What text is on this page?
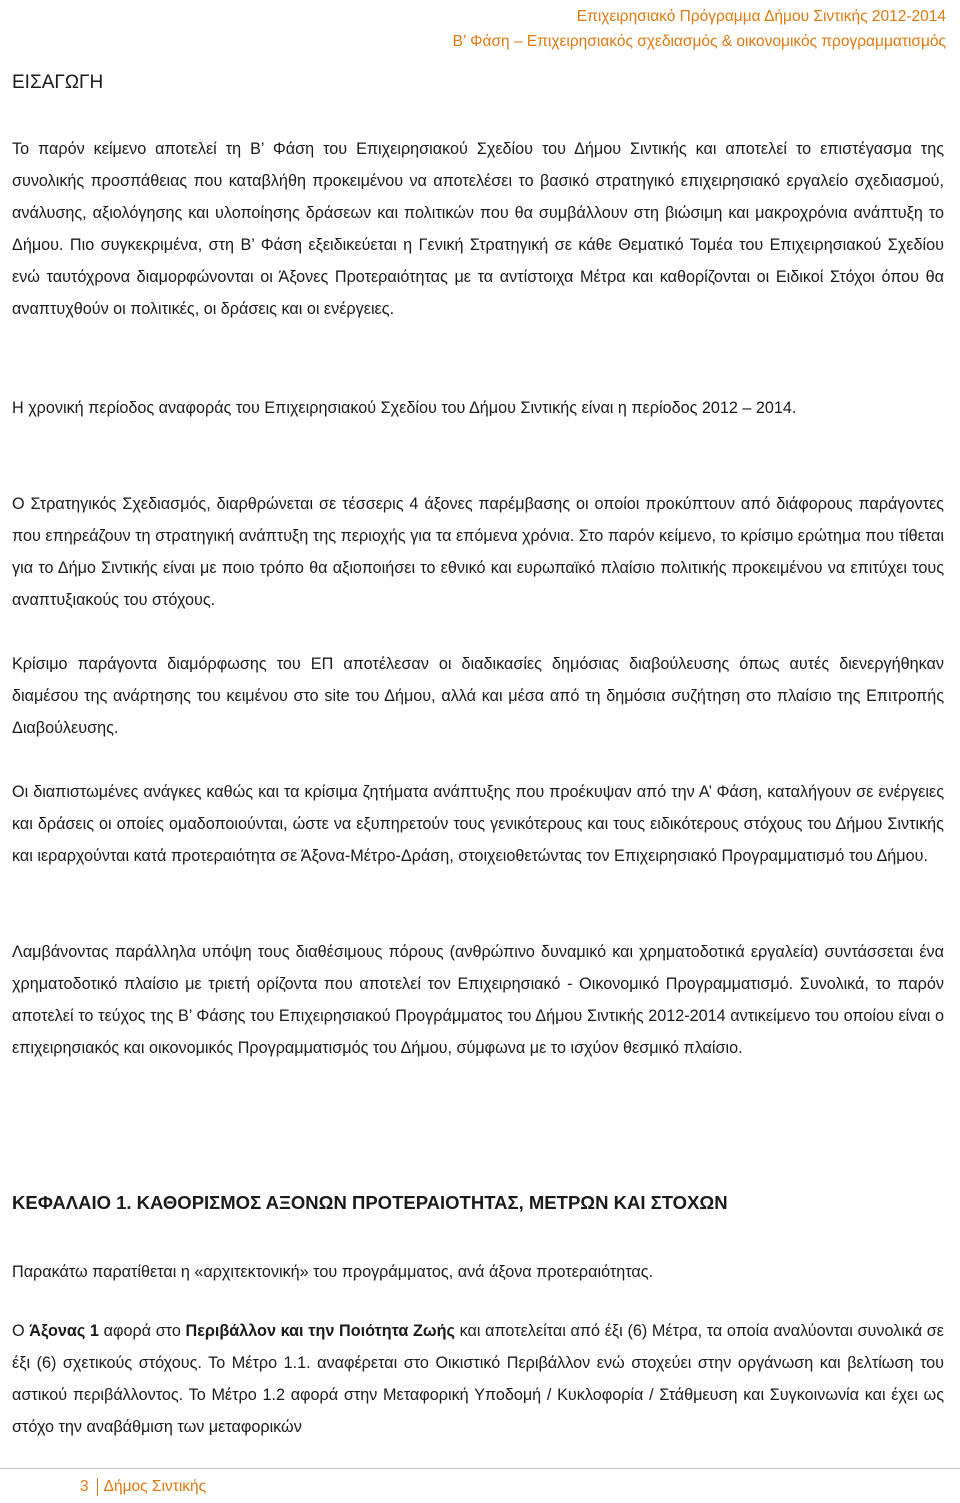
Επιχειρησιακό Πρόγραμμα Δήμου Σιντικής 2012-2014
Β’ Φάση – Επιχειρησιακός σχεδιασμός & οικονομικός προγραμματισμός
ΕΙΣΑΓΩΓΗ

Το παρόν κείμενο αποτελεί τη Β’ Φάση του Επιχειρησιακού Σχεδίου του Δήμου Σιντικής και αποτελεί το επιστέγασμα της συνολικής προσπάθειας που καταβλήθη προκειμένου να αποτελέσει το βασικό στρατηγικό επιχειρησιακό εργαλείο σχεδιασμού, ανάλυσης, αξιολόγησης και υλοποίησης δράσεων και πολιτικών που θα συμβάλλουν στη βιώσιμη και μακροχρόνια ανάπτυξη το Δήμου. Πιο συγκεκριμένα, στη Β’ Φάση εξειδικεύεται η Γενική Στρατηγική σε κάθε Θεματικό Τομέα του Επιχειρησιακού Σχεδίου ενώ ταυτόχρονα διαμορφώνονται οι Άξονες Προτεραιότητας με τα αντίστοιχα Μέτρα και καθορίζονται οι Ειδικοί Στόχοι όπου θα αναπτυχθούν οι πολιτικές, οι δράσεις και οι ενέργειες.

Η χρονική περίοδος αναφοράς του Επιχειρησιακού Σχεδίου του Δήμου Σιντικής είναι η περίοδος 2012 – 2014.

Ο Στρατηγικός Σχεδιασμός, διαρθρώνεται σε τέσσερις 4 άξονες παρέμβασης οι οποίοι προκύπτουν από διάφορους παράγοντες που επηρεάζουν τη στρατηγική ανάπτυξη της περιοχής για τα επόμενα χρόνια. Στο παρόν κείμενο, το κρίσιμο ερώτημα που τίθεται για το Δήμο Σιντικής είναι με ποιο τρόπο θα αξιοποιήσει το εθνικό και ευρωπαϊκό πλαίσιο πολιτικής προκειμένου να επιτύχει τους αναπτυξιακούς του στόχους.

Κρίσιμο παράγοντα διαμόρφωσης του ΕΠ αποτέλεσαν οι διαδικασίες δημόσιας διαβούλευσης όπως αυτές διενεργήθηκαν διαμέσου της ανάρτησης του κειμένου στο site του Δήμου, αλλά και μέσα από τη δημόσια συζήτηση στο πλαίσιο της Επιτροπής Διαβούλευσης.

Οι διαπιστωμένες ανάγκες καθώς και τα κρίσιμα ζητήματα ανάπτυξης που προέκυψαν από την Α’ Φάση, καταλήγουν σε ενέργειες και δράσεις οι οποίες ομαδοποιούνται, ώστε να εξυπηρετούν τους γενικότερους και τους ειδικότερους στόχους του Δήμου Σιντικής και ιεραρχούνται κατά προτεραιότητα σε Άξονα-Μέτρο-Δράση, στοιχειοθετώντας τον Επιχειρησιακό Προγραμματισμό του Δήμου.

Λαμβάνοντας παράλληλα υπόψη τους διαθέσιμους πόρους (ανθρώπινο δυναμικό και χρηματοδοτικά εργαλεία) συντάσσεται ένα χρηματοδοτικό πλαίσιο με τριετή ορίζοντα που αποτελεί τον Επιχειρησιακό - Οικονομικό Προγραμματισμό. Συνολικά, το παρόν αποτελεί το τεύχος της Β’ Φάσης του Επιχειρησιακού Προγράμματος του Δήμου Σιντικής 2012-2014 αντικείμενο του οποίου είναι ο επιχειρησιακός και οικονομικός Προγραμματισμός του Δήμου, σύμφωνα με το ισχύον θεσμικό πλαίσιο.

ΚΕΦΑΛΑΙΟ 1. ΚΑΘΟΡΙΣΜΟΣ ΑΞΟΝΩΝ ΠΡΟΤΕΡΑΙΟΤΗΤΑΣ, ΜΕΤΡΩΝ ΚΑΙ ΣΤΟΧΩΝ

Παρακάτω παρατίθεται η «αρχιτεκτονική» του προγράμματος, ανά άξονα προτεραιότητας.

Ο Άξονας 1 αφορά στο Περιβάλλον και την Ποιότητα Ζωής και αποτελείται από έξι (6) Μέτρα, τα οποία αναλύονται συνολικά σε έξι (6) σχετικούς στόχους. Το Μέτρο 1.1. αναφέρεται στο Οικιστικό Περιβάλλον ενώ στοχεύει στην οργάνωση και βελτίωση του αστικού περιβάλλοντος. Το Μέτρο 1.2 αφορά στην Μεταφορική Υποδομή / Κυκλοφορία / Στάθμευση και Συγκοινωνία και έχει ως στόχο την αναβάθμιση των μεταφορικών

3 Δήμος Σιντικής
